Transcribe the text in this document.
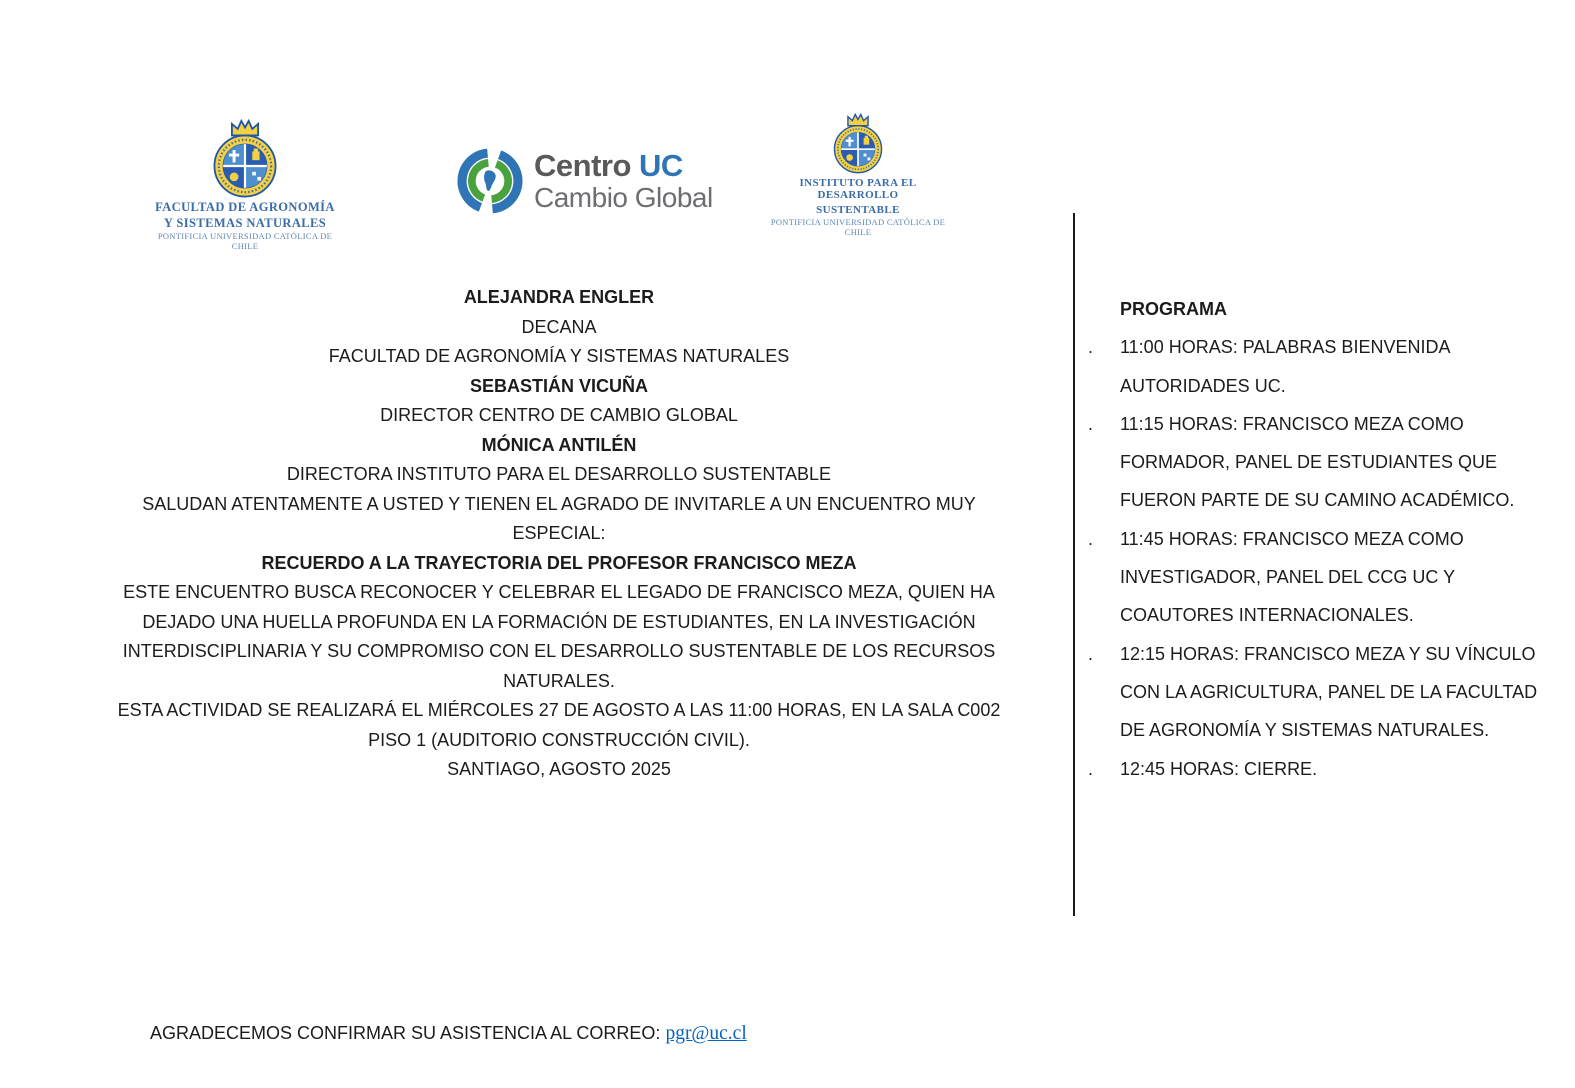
FACULTAD DE AGRONOMÍA
Y SISTEMAS NATURALES
PONTIFICIA UNIVERSIDAD CATÓLICA DE CHILE
Centro UC
Cambio Global	INSTITUTO PARA EL DESARROLLO
SUSTENTABLE
PONTIFICIA UNIVERSIDAD CATÓLICA DE CHILE

ALEJANDRA ENGLER
DECANA
FACULTAD DE AGRONOMÍA Y SISTEMAS NATURALES

SEBASTIÁN VICUÑA
DIRECTOR CENTRO DE CAMBIO GLOBAL

MÓNICA ANTILÉN
DIRECTORA INSTITUTO PARA EL DESARROLLO SUSTENTABLE

SALUDAN ATENTAMENTE A USTED Y TIENEN EL AGRADO DE INVITARLE A UN ENCUENTRO MUY ESPECIAL:

RECUERDO A LA TRAYECTORIA DEL PROFESOR FRANCISCO MEZA
ESTE ENCUENTRO BUSCA RECONOCER Y CELEBRAR EL LEGADO DE FRANCISCO MEZA, QUIEN HA DEJADO UNA HUELLA PROFUNDA EN LA FORMACIÓN DE ESTUDIANTES, EN LA INVESTIGACIÓN INTERDISCIPLINARIA Y SU COMPROMISO CON EL DESARROLLO SUSTENTABLE DE LOS RECURSOS NATURALES.

ESTA ACTIVIDAD SE REALIZARÁ EL MIÉRCOLES 27 DE AGOSTO A LAS 11:00 HORAS, EN LA SALA C002 PISO 1 (AUDITORIO CONSTRUCCIÓN CIVIL).

SANTIAGO, AGOSTO 2025

PROGRAMA

.	11:00 HORAS: PALABRAS BIENVENIDA AUTORIDADES UC.
.	11:15 HORAS: FRANCISCO MEZA COMO FORMADOR, PANEL DE ESTUDIANTES QUE FUERON PARTE DE SU CAMINO ACADÉMICO.
.	11:45 HORAS: FRANCISCO MEZA COMO INVESTIGADOR, PANEL DEL CCG UC Y COAUTORES INTERNACIONALES.
.	12:15 HORAS: FRANCISCO MEZA Y SU VÍNCULO CON LA AGRICULTURA, PANEL DE LA FACULTAD DE AGRONOMÍA Y SISTEMAS NATURALES.
.	12:45 HORAS: CIERRE.
AGRADECEMOS CONFIRMAR SU ASISTENCIA AL CORREO: pgr@uc.cl
